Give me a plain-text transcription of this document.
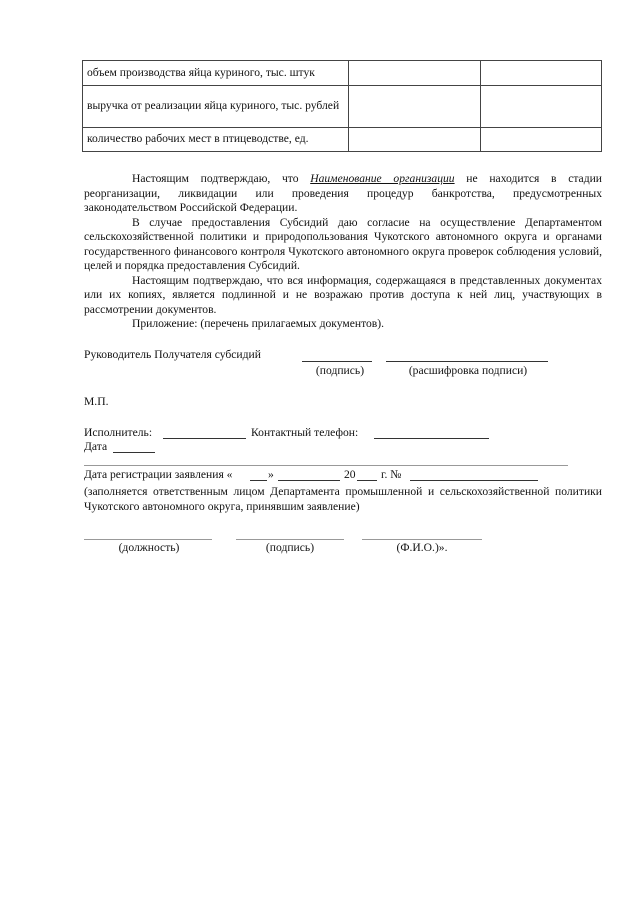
объем производства яйца куриного, тыс. штук		
выручка от реализации яйца куриного, тыс. рублей		
количество рабочих мест в птицеводстве, ед.		

Настоящим подтверждаю, что Наименование организации не находится в стадии реорганизации, ликвидации или проведения процедур банкротства, предусмотренных законодательством Российской Федерации.

В случае предоставления Субсидий даю согласие на осуществление Департаментом сельскохозяйственной политики и природопользования Чукотского автономного округа и органами государственного финансового контроля Чукотского автономного округа проверок соблюдения условий, целей и порядка предоставления Субсидий.

Настоящим подтверждаю, что вся информация, содержащаяся в представленных документах или их копиях, является подлинной и не возражаю против доступа к ней лиц, участвующих в рассмотрении документов.

Приложение: (перечень прилагаемых документов).

Руководитель Получателя субсидий
(подпись)	(расшифровка подписи)
М.П.
Исполнитель:	Контактный телефон:
Дата
Дата регистрации заявления «	»	20 г. №
(заполняется ответственным лицом Департамента промышленной и сельскохозяйственной политики Чукотского автономного округа, принявшим заявление)
(должность)	(подпись)	(Ф.И.О.)».
